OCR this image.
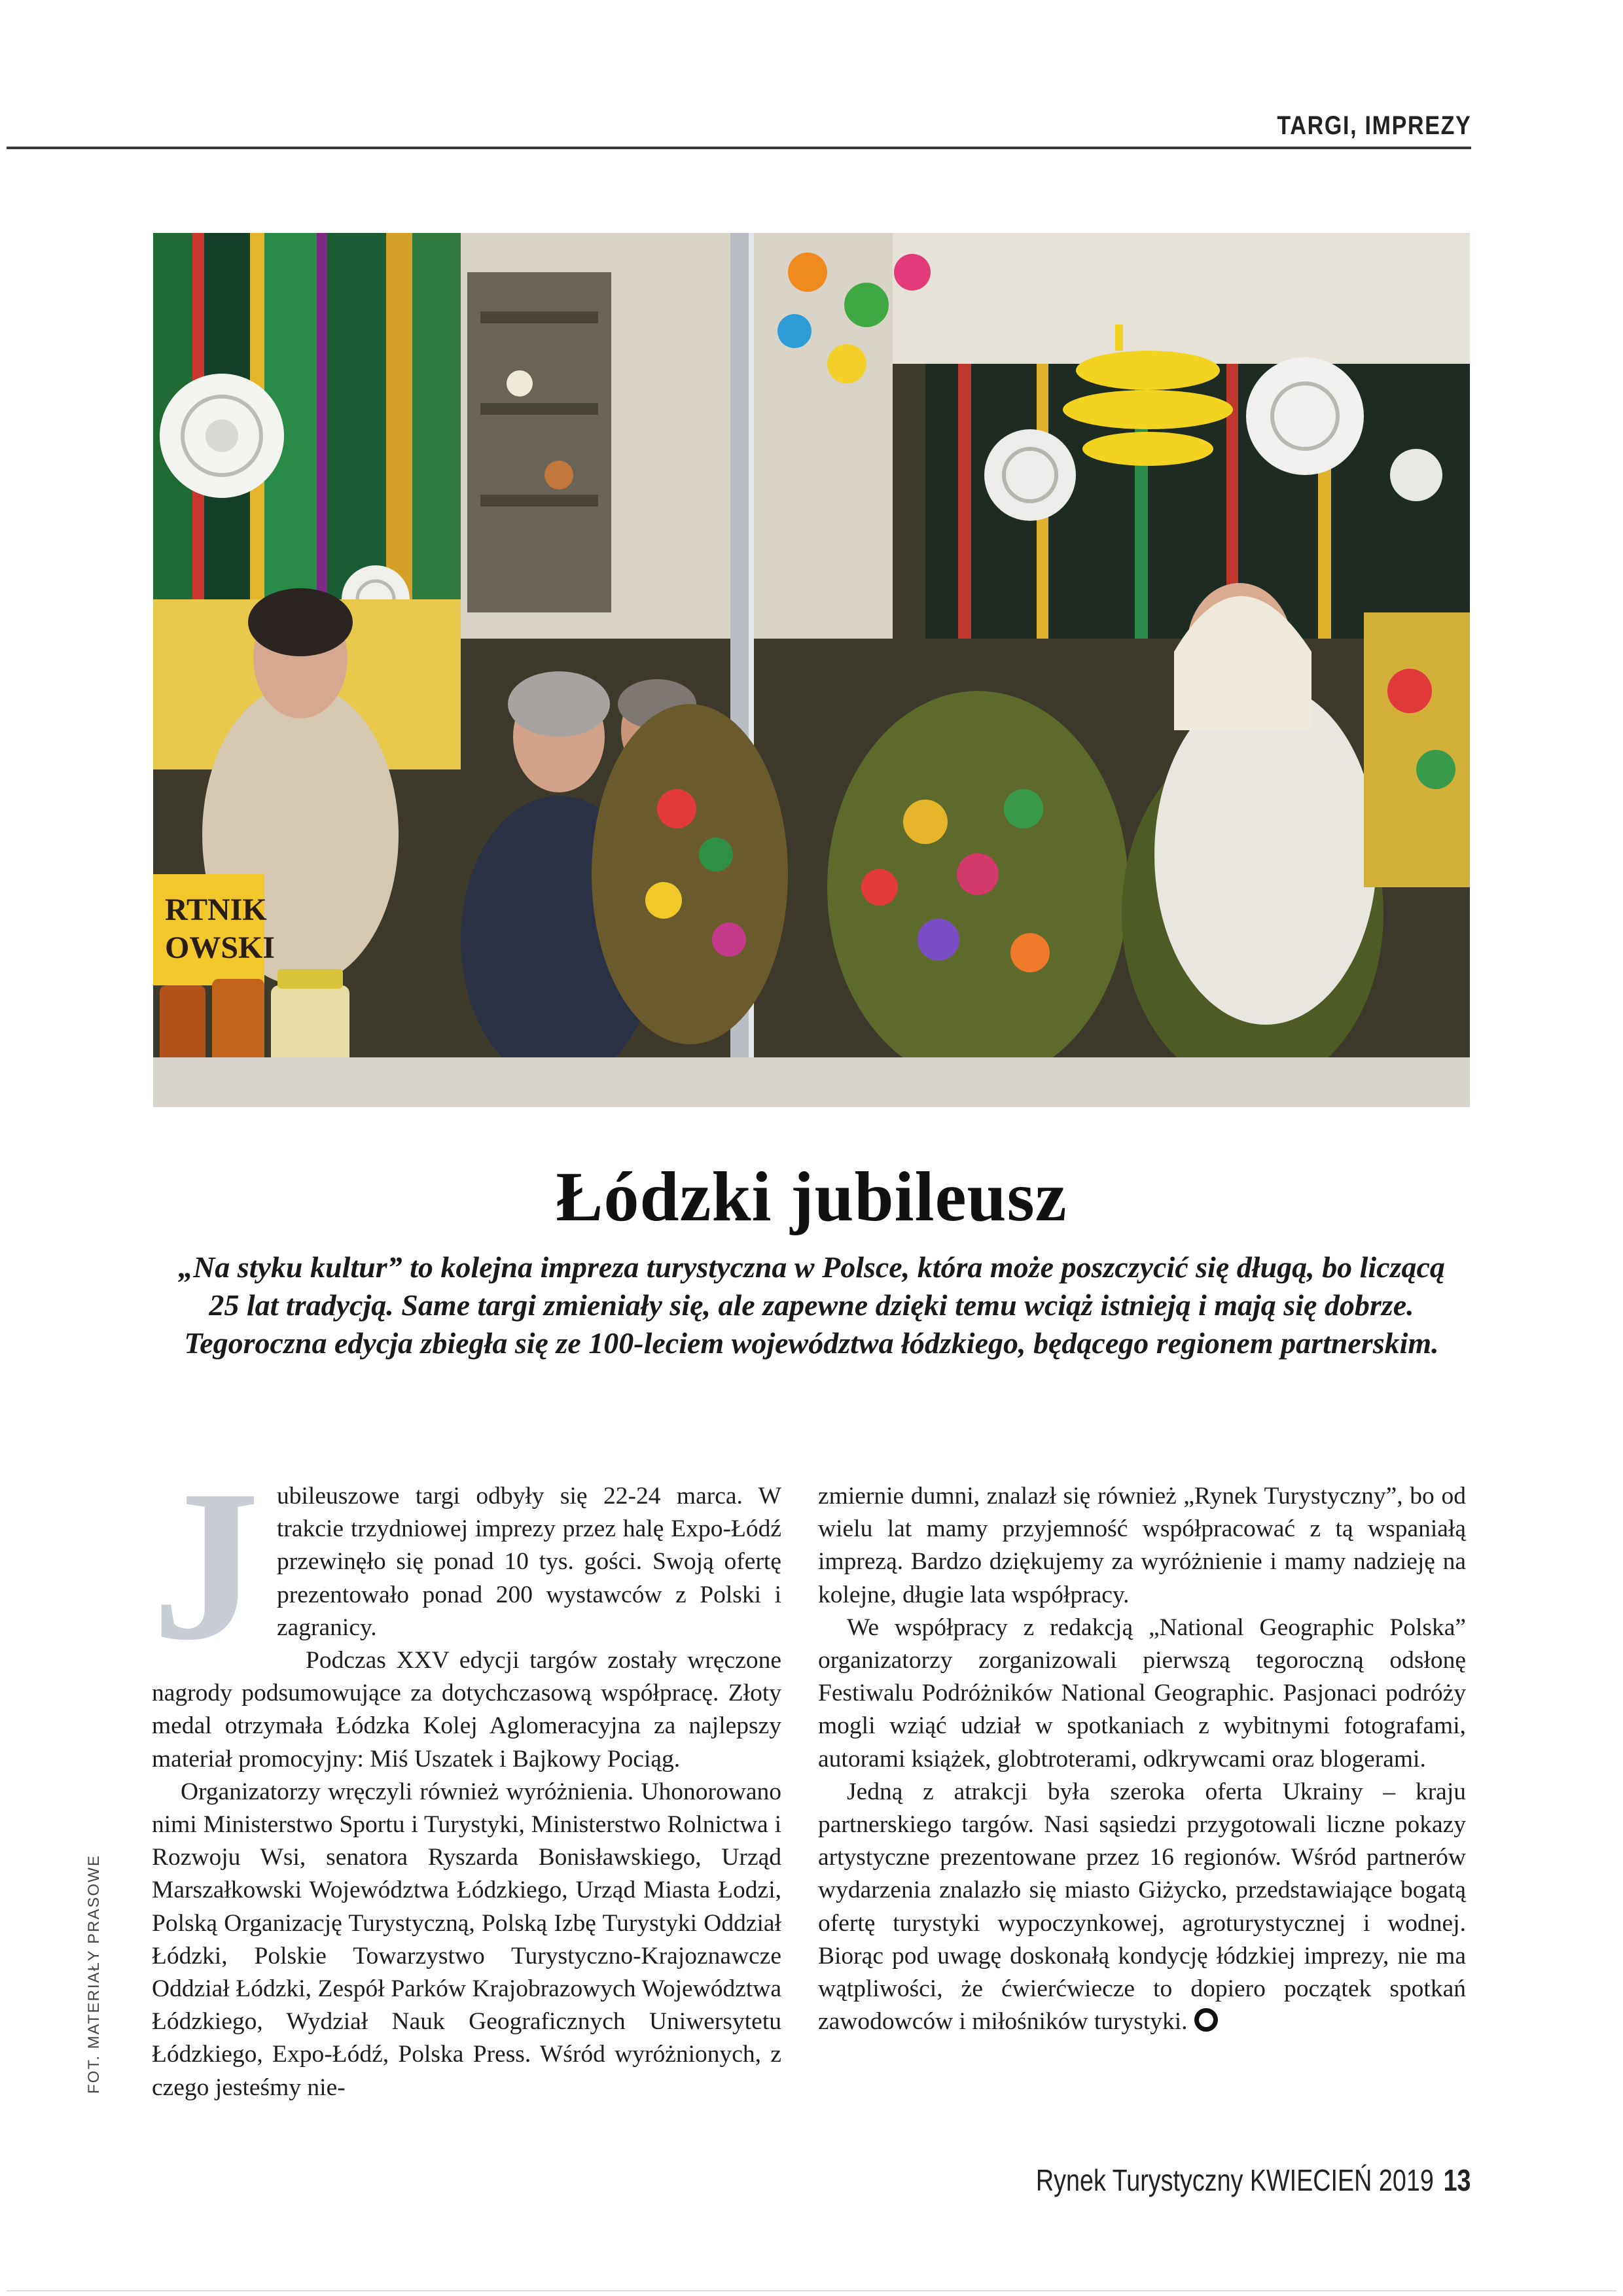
TARGI, IMPREZY
RTNIK
OWSKI
Łódzki jubileusz
„Na styku kultur” to kolejna impreza turystyczna w Polsce, która może poszczycić się długą, bo liczącą 25 lat tradycją. Same targi zmieniały się, ale zapewne dzięki temu wciąż istnieją i mają się dobrze. Tegoroczna edycja zbiegła się ze 100-leciem województwa łódzkiego, będącego regionem partnerskim.
J ubileuszowe targi odbyły się 22-24 marca. W trakcie trzydniowej imprezy przez halę Expo-Łódź przewinęło się ponad 10 tys. gości. Swoją ofertę prezentowało ponad 200 wystawców z Polski i zagranicy.

Podczas XXV edycji targów zostały wręczone nagrody podsumowujące za dotychczasową współpracę. Złoty medal otrzymała Łódzka Kolej Aglomeracyjna za najlepszy materiał promocyjny: Miś Uszatek i Bajkowy Pociąg.

Organizatorzy wręczyli również wyróżnienia. Uhonorowano nimi Ministerstwo Sportu i Turystyki, Ministerstwo Rolnictwa i Rozwoju Wsi, senatora Ryszarda Bonisławskiego, Urząd Marszałkowski Województwa Łódzkiego, Urząd Miasta Łodzi, Polską Organizację Turystyczną, Polską Izbę Turystyki Oddział Łódzki, Polskie Towarzystwo Turystyczno-Krajoznawcze Oddział Łódzki, Zespół Parków Krajobrazowych Województwa Łódzkiego, Wydział Nauk Geograficznych Uniwersytetu Łódzkiego, Expo-Łódź, Polska Press. Wśród wyróżnionych, z czego jesteśmy nie-

zmiernie dumni, znalazł się również „Rynek Turystyczny”, bo od wielu lat mamy przyjemność współpracować z tą wspaniałą imprezą. Bardzo dziękujemy za wyróżnienie i mamy nadzieję na kolejne, długie lata współpracy.

We współpracy z redakcją „National Geographic Polska” organizatorzy zorganizowali pierwszą tegoroczną odsłonę Festiwalu Podróżników National Geographic. Pasjonaci podróży mogli wziąć udział w spotkaniach z wybitnymi fotografami, autorami książek, globtroterami, odkrywcami oraz blogerami.

Jedną z atrakcji była szeroka oferta Ukrainy – kraju partnerskiego targów. Nasi sąsiedzi przygotowali liczne pokazy artystyczne prezentowane przez 16 regionów. Wśród partnerów wydarzenia znalazło się miasto Giżycko, przedstawiające bogatą ofertę turystyki wypoczynkowej, agroturystycznej i wodnej. Biorąc pod uwagę doskonałą kondycję łódzkiej imprezy, nie ma wątpliwości, że ćwierćwiecze to dopiero początek spotkań zawodowców i miłośników turystyki.

FOT. MATERIAŁY PRASOWE
Rynek Turystyczny KWIECIEŃ 2019 13
